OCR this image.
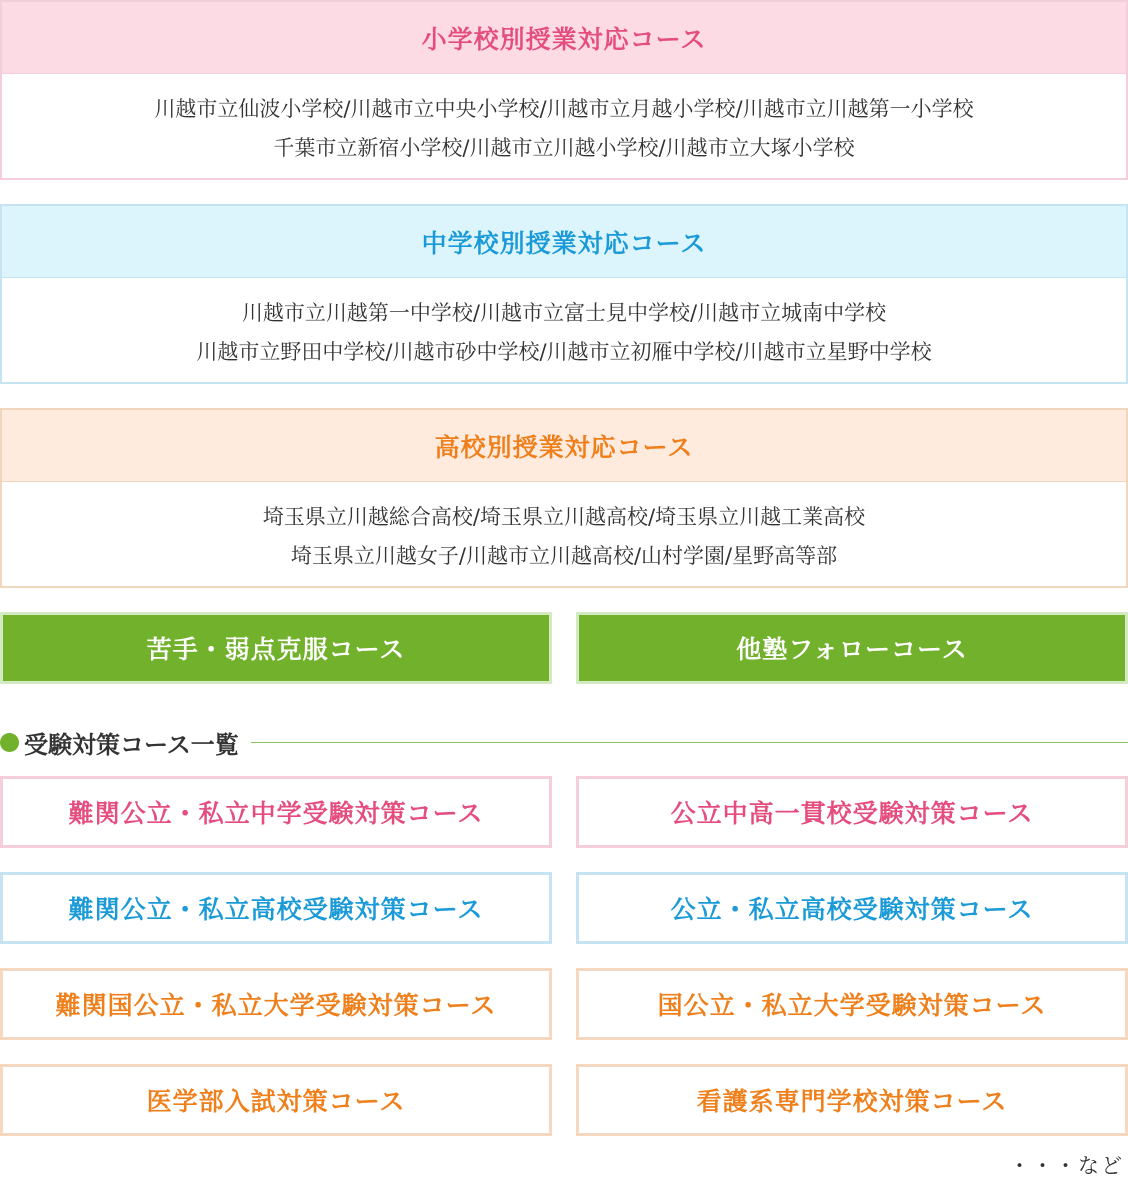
小学校別授業対応コース
川越市立仙波小学校/川越市立中央小学校/川越市立月越小学校/川越市立川越第一小学校
千葉市立新宿小学校/川越市立川越小学校/川越市立大塚小学校
中学校別授業対応コース
川越市立川越第一中学校/川越市立富士見中学校/川越市立城南中学校
川越市立野田中学校/川越市砂中学校/川越市立初雁中学校/川越市立星野中学校
高校別授業対応コース
埼玉県立川越総合高校/埼玉県立川越高校/埼玉県立川越工業高校
埼玉県立川越女子/川越市立川越高校/山村学園/星野高等部
苦手・弱点克服コース	他塾フォローコース
受験対策コース一覧
難関公立・私立中学受験対策コース	公立中高一貫校受験対策コース
難関公立・私立高校受験対策コース	公立・私立高校受験対策コース
難関国公立・私立大学受験対策コース	国公立・私立大学受験対策コース
医学部入試対策コース	看護系専門学校対策コース
・・・など
